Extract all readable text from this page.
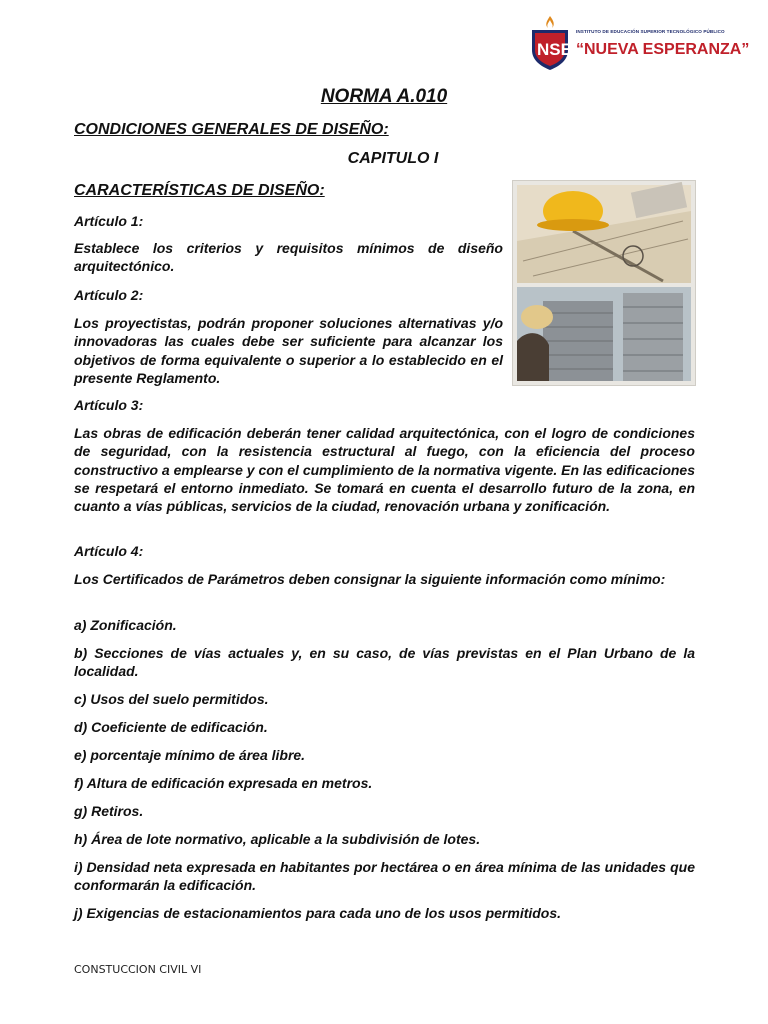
NSE
INSTITUTO DE EDUCACIÓN SUPERIOR TECNOLÓGICO PÚBLICO
“NUEVA ESPERANZA”
NORMA A.010
CONDICIONES GENERALES DE DISEÑO:
CAPITULO I
CARACTERÍSTICAS DE DISEÑO:
Artículo 1:
Establece los criterios y requisitos mínimos de diseño arquitectónico.
Artículo 2:
Los proyectistas, podrán proponer soluciones alternativas y/o innovadoras las cuales debe ser suficiente para alcanzar los objetivos de forma equivalente o superior a lo establecido en el presente Reglamento.
Artículo 3:
Las obras de edificación deberán tener calidad arquitectónica, con el logro de condiciones de seguridad, con la resistencia estructural al fuego, con la eficiencia del proceso constructivo a emplearse y con el cumplimiento de la normativa vigente. En las edificaciones se respetará el entorno inmediato. Se tomará en cuenta el desarrollo futuro de la zona, en cuanto a vías públicas, servicios de la ciudad, renovación urbana y zonificación.
Artículo 4:
Los Certificados de Parámetros deben consignar la siguiente información como mínimo:
a) Zonificación.
b) Secciones de vías actuales y, en su caso, de vías previstas en el Plan Urbano de la localidad.
c) Usos del suelo permitidos.
d) Coeficiente de edificación.
e) porcentaje mínimo de área libre.
f) Altura de edificación expresada en metros.
g) Retiros.
h) Área de lote normativo, aplicable a la subdivisión de lotes.
i) Densidad neta expresada en habitantes por hectárea o en área mínima de las unidades que conformarán la edificación.
j) Exigencias de estacionamientos para cada uno de los usos permitidos.
CONSTUCCION CIVIL VI
